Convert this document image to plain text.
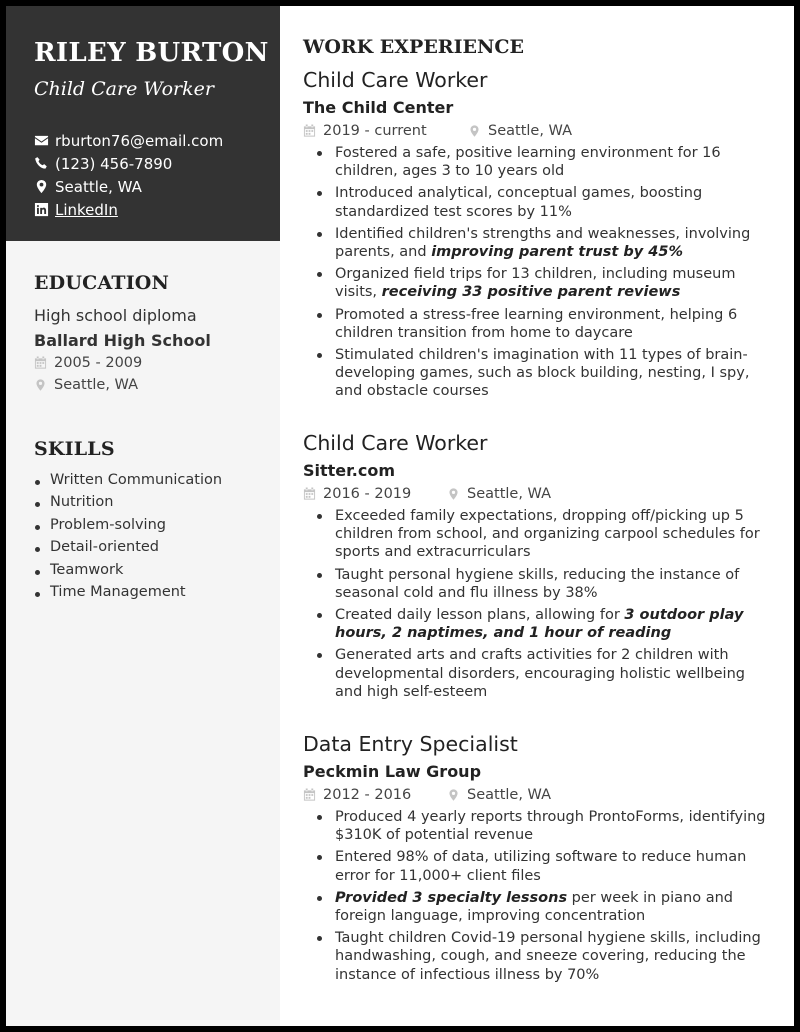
RILEY BURTON
Child Care Worker
rburton76@email.com
(123) 456-7890
Seattle, WA
LinkedIn
EDUCATION
High school diploma
Ballard High School
2005 - 2009
Seattle, WA
SKILLS
Written Communication
Nutrition
Problem-solving
Detail-oriented
Teamwork
Time Management
WORK EXPERIENCE
Child Care Worker
The Child Center
2019 - current	Seattle, WA
Fostered a safe, positive learning environment for 16 children, ages 3 to 10 years old
Introduced analytical, conceptual games, boosting standardized test scores by 11%
Identified children's strengths and weaknesses, involving parents, and improving parent trust by 45%
Organized field trips for 13 children, including museum visits, receiving 33 positive parent reviews
Promoted a stress-free learning environment, helping 6 children transition from home to daycare
Stimulated children's imagination with 11 types of brain-developing games, such as block building, nesting, I spy, and obstacle courses
Child Care Worker
Sitter.com
2016 - 2019	Seattle, WA
Exceeded family expectations, dropping off/picking up 5 children from school, and organizing carpool schedules for sports and extracurriculars
Taught personal hygiene skills, reducing the instance of seasonal cold and flu illness by 38%
Created daily lesson plans, allowing for 3 outdoor play hours, 2 naptimes, and 1 hour of reading
Generated arts and crafts activities for 2 children with developmental disorders, encouraging holistic wellbeing and high self-esteem
Data Entry Specialist
Peckmin Law Group
2012 - 2016	Seattle, WA
Produced 4 yearly reports through ProntoForms, identifying $310K of potential revenue
Entered 98% of data, utilizing software to reduce human error for 11,000+ client files
Provided 3 specialty lessons per week in piano and foreign language, improving concentration
Taught children Covid-19 personal hygiene skills, including handwashing, cough, and sneeze covering, reducing the instance of infectious illness by 70%
